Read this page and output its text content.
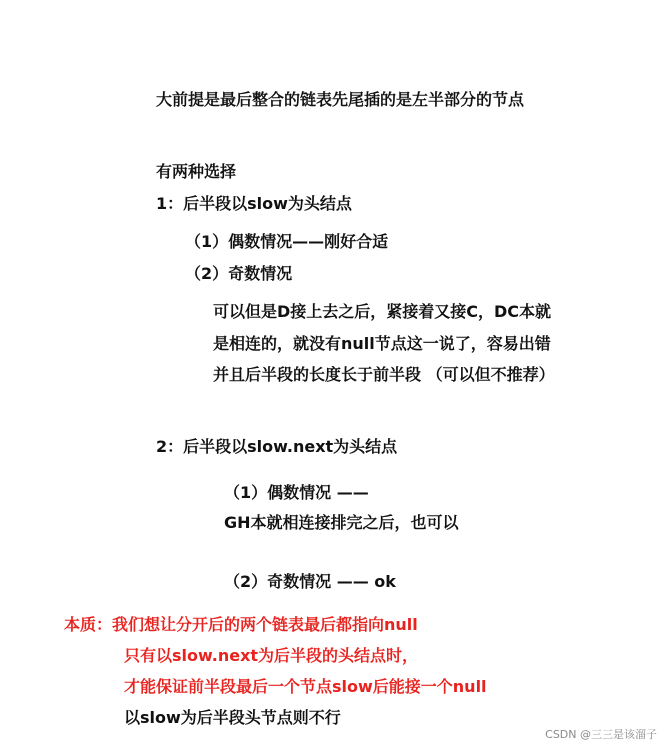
大前提是最后整合的链表先尾插的是左半部分的节点
有两种选择
1：后半段以slow为头结点
（1）偶数情况——刚好合适
（2）奇数情况
可以但是D接上去之后，紧接着又接C，DC本就
是相连的，就没有null节点这一说了，容易出错
并且后半段的长度长于前半段 （可以但不推荐）
2：后半段以slow.next为头结点
（1）偶数情况 ——
GH本就相连接排完之后，也可以
（2）奇数情况 —— ok
本质：我们想让分开后的两个链表最后都指向null
只有以slow.next为后半段的头结点时，
才能保证前半段最后一个节点slow后能接一个null
以slow为后半段头节点则不行
CSDN @三三是该溜子
